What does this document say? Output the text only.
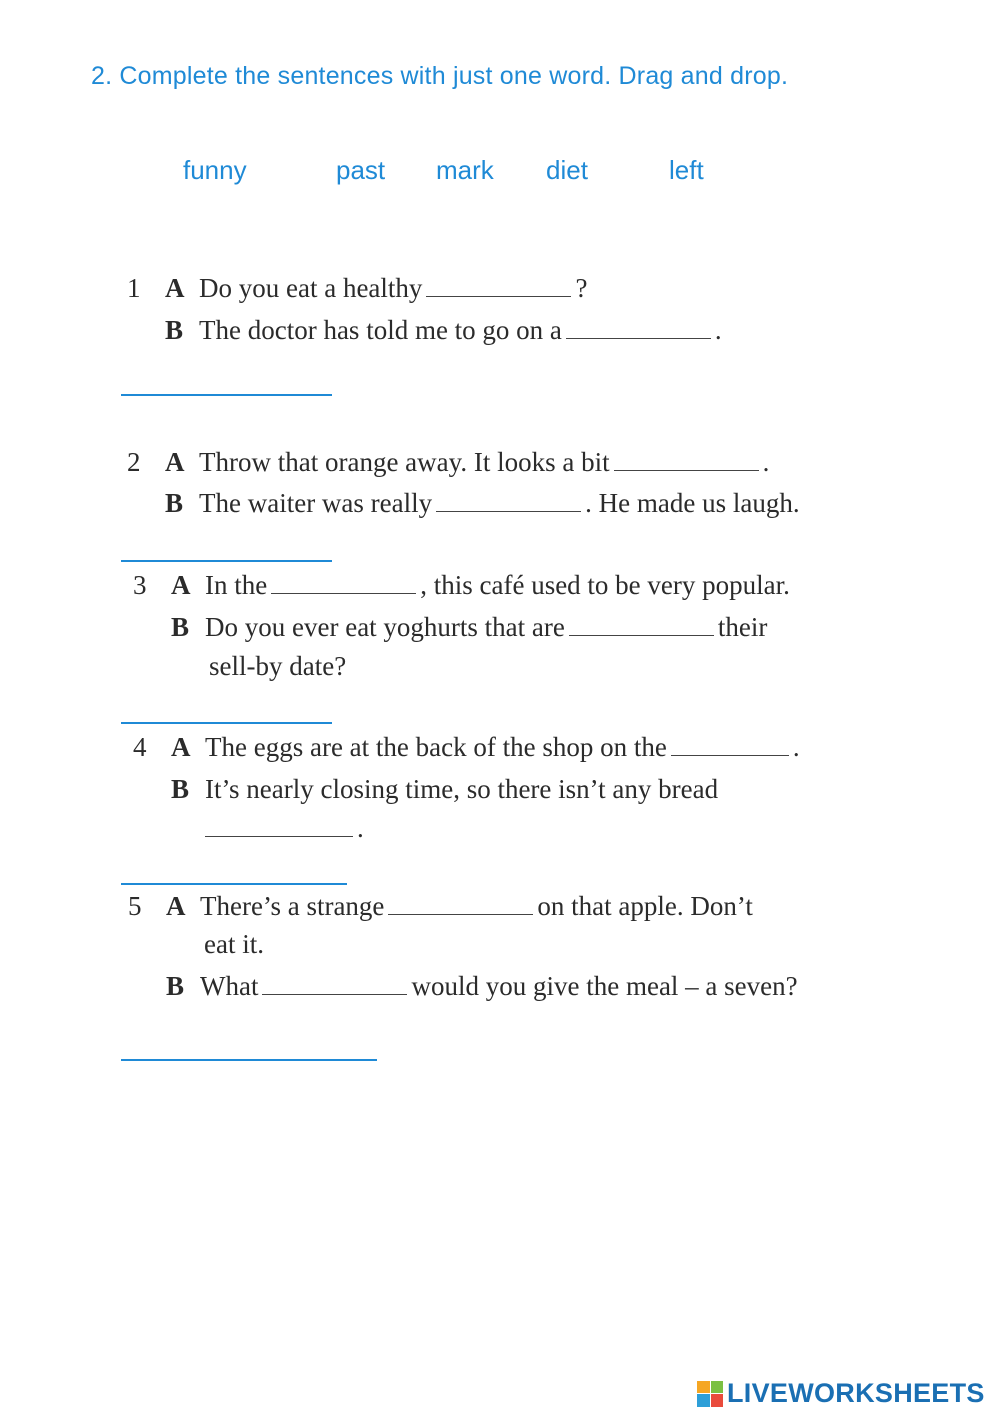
2. Complete the sentences with just one word. Drag and drop.
funny	past mark diet	left
1 A Do you eat a healthy	?
B The doctor has told me to go on a	.
2 A Throw that orange away. It looks a bit	.
B The waiter was really	. He made us laugh.
3 A In the	, this café used to be very popular.
B Do you ever eat yoghurts that are	their
sell-by date?
4 A The eggs are at the back of the shop on the	.
B It’s nearly closing time, so there isn’t any bread
.
5 A There’s a strange	on that apple. Don’t
eat it.
B What	would you give the meal – a seven?
LIVEWORKSHEETS
